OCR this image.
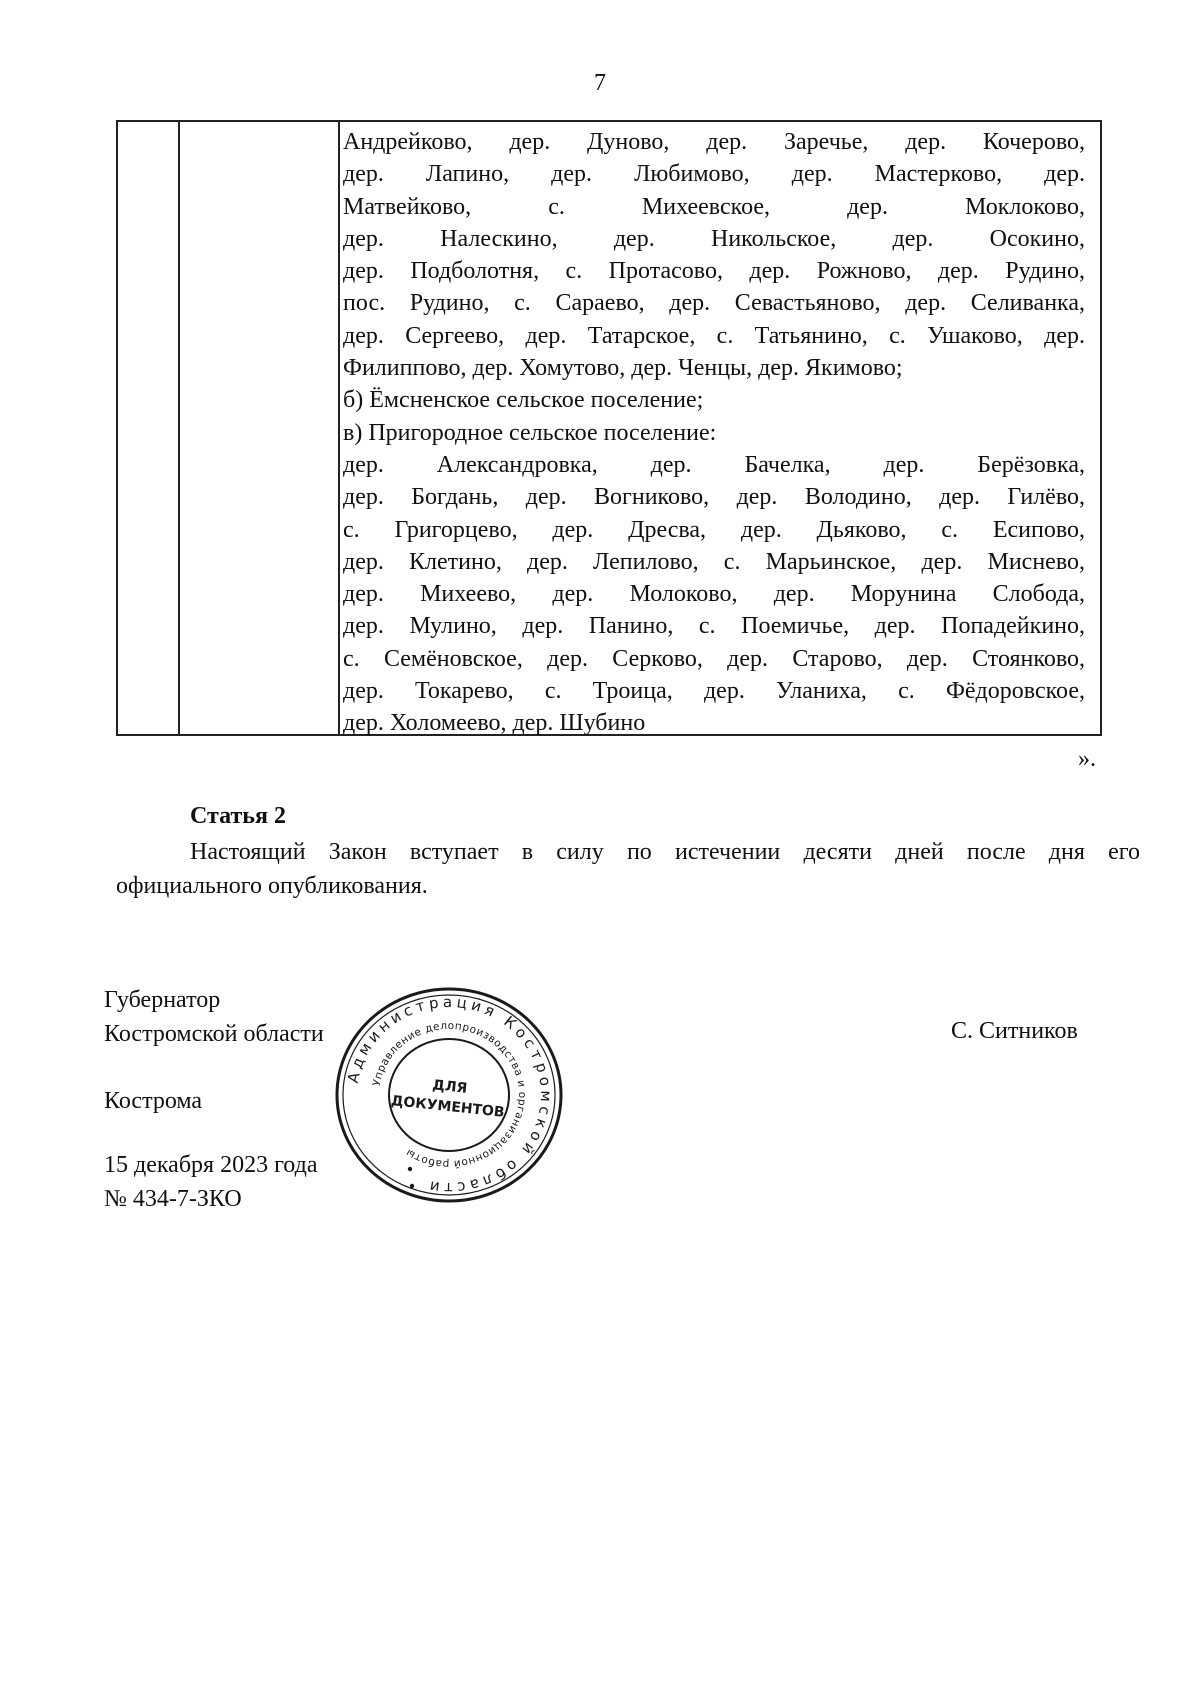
7
Андрейково, дер. Дуново, дер. Заречье, дер. Кочерово,
дер. Лапино, дер. Любимово, дер. Мастерково, дер.
Матвейково, с. Михеевское, дер. Моклоково,
дер. Налескино, дер. Никольское, дер. Осокино,
дер. Подболотня, с. Протасово, дер. Рожново, дер. Рудино,
пос. Рудино, с. Сараево, дер. Севастьяново, дер. Селиванка,
дер. Сергеево, дер. Татарское, с. Татьянино, с. Ушаково, дер.
Филиппово, дер. Хомутово, дер. Ченцы, дер. Якимово;
б) Ёмсненское сельское поселение;
в) Пригородное сельское поселение:
дер. Александровка, дер. Бачелка, дер. Берёзовка,
дер. Богдань, дер. Вогниково, дер. Володино, дер. Гилёво,
с. Григорцево, дер. Дресва, дер. Дьяково, с. Есипово,
дер. Клетино, дер. Лепилово, с. Марьинское, дер. Миснево,
дер. Михеево, дер. Молоково, дер. Морунина Слобода,
дер. Мулино, дер. Панино, с. Поемичье, дер. Попадейкино,
с. Семёновское, дер. Серково, дер. Старово, дер. Стоянково,
дер. Токарево, с. Троица, дер. Уланиха, с. Фёдоровское,
дер. Холомеево, дер. Шубино
».
Статья 2
Настоящий Закон вступает в силу по истечении десяти дней после дня его
официального опубликования.
Губернатор
Костромской области	С. Ситников
Кострома
15 декабря 2023 года
№ 434-7-ЗКО
Администрация Костромской области
Управление делопроизводства и организационной работы
ДЛЯ
ДОКУМЕНТОВ
